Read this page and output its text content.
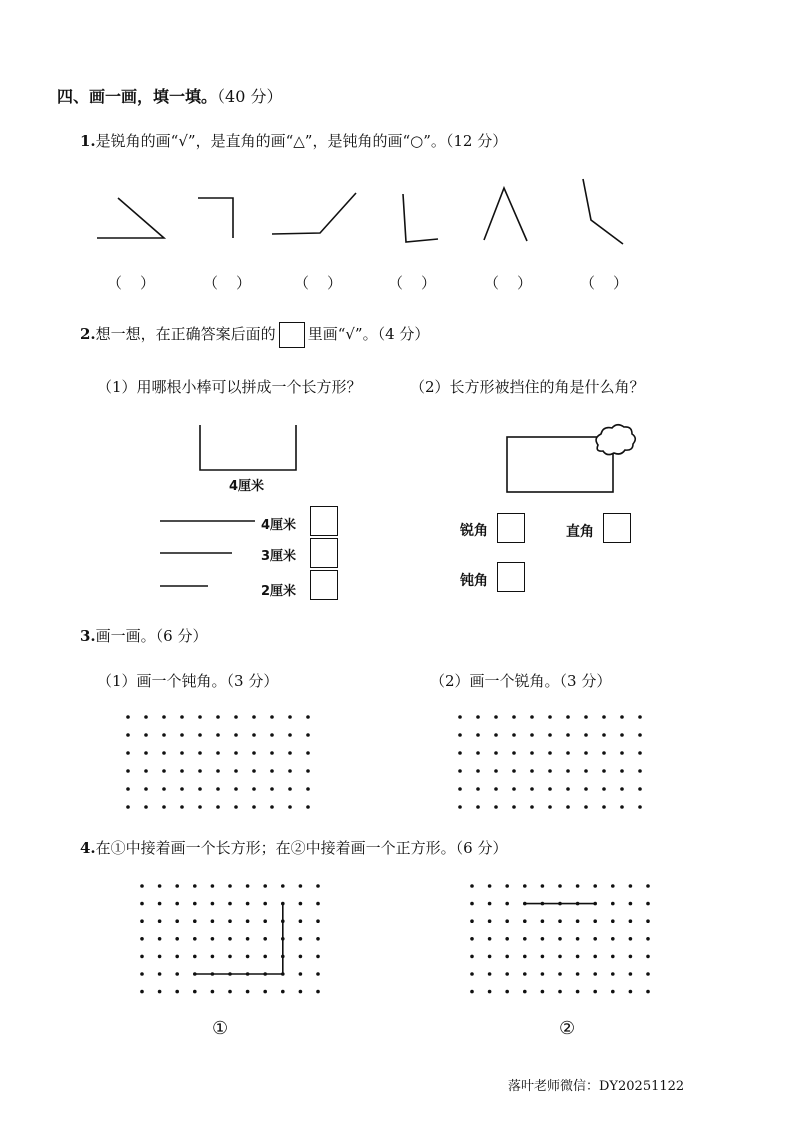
四、画一画，填一填。（40 分）
1.是锐角的画“√”，是直角的画“△”，是钝角的画“○”。（12 分）
（ ）	（ ）	（ ）	（ ）	（ ）	（ ）
2.想一想，在正确答案后面的 里画“√”。（4 分）
（1）用哪根小棒可以拼成一个长方形？	（2）长方形被挡住的角是什么角？
4厘米
4厘米
3厘米
2厘米
锐角	直角
钝角
3.画一画。（6 分）
（1）画一个钝角。（3 分）	（2）画一个锐角。（3 分）
4.在①中接着画一个长方形；在②中接着画一个正方形。（6 分）
①	②
落叶老师微信：DY20251122
